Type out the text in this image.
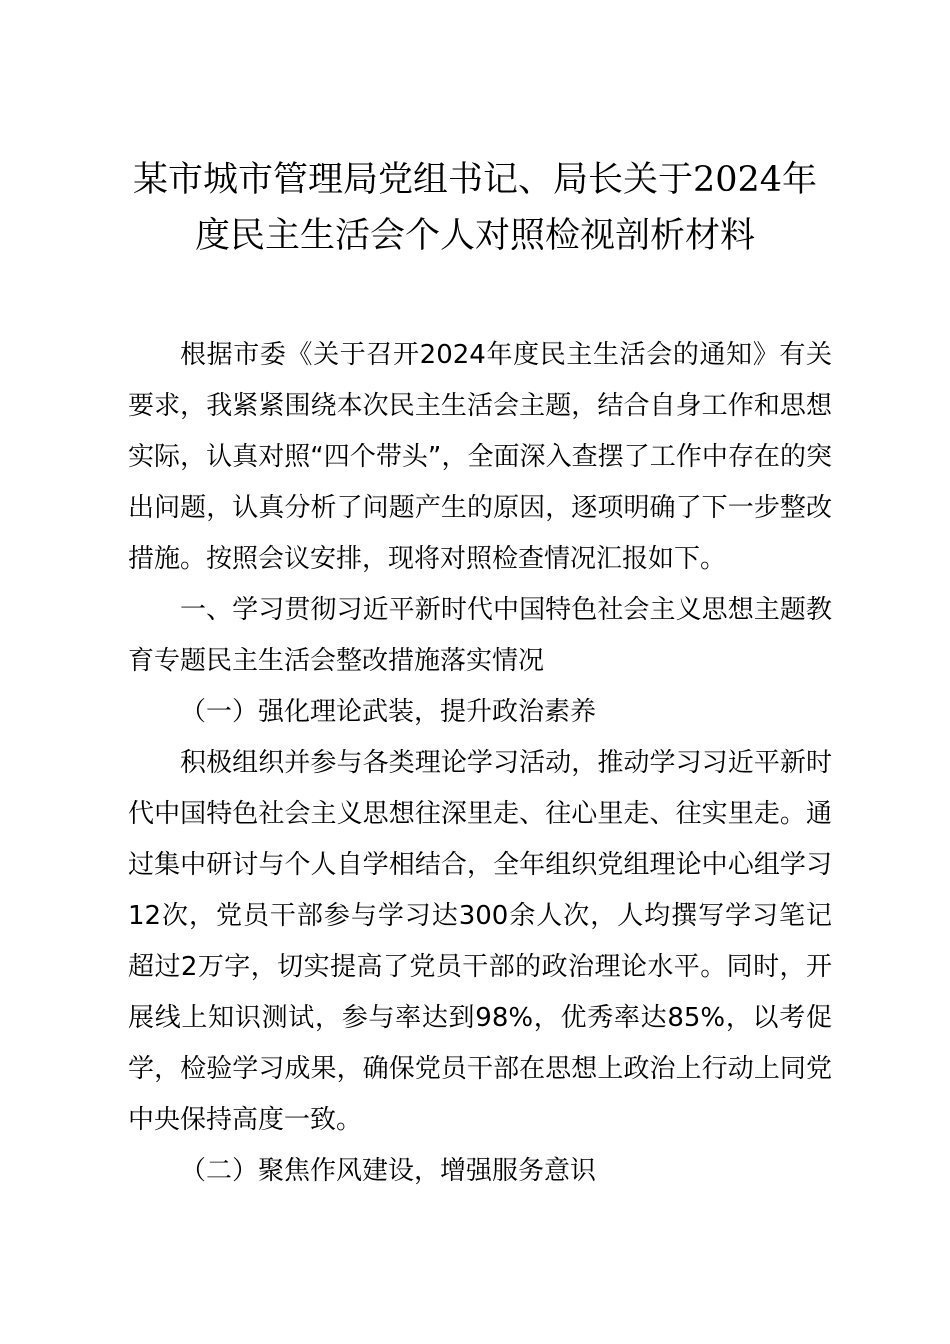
某市城市管理局党组书记、局长关于2024年
度民主生活会个人对照检视剖析材料

根据市委《关于召开2024年度民主生活会的通知》有关要求，我紧紧围绕本次民主生活会主题，结合自身工作和思想实际，认真对照“四个带头”，全面深入查摆了工作中存在的突出问题，认真分析了问题产生的原因，逐项明确了下一步整改措施。按照会议安排，现将对照检查情况汇报如下。

一、学习贯彻习近平新时代中国特色社会主义思想主题教育专题民主生活会整改措施落实情况

（一）强化理论武装，提升政治素养

积极组织并参与各类理论学习活动，推动学习习近平新时代中国特色社会主义思想往深里走、往心里走、往实里走。通过集中研讨与个人自学相结合，全年组织党组理论中心组学习12次，党员干部参与学习达300余人次，人均撰写学习笔记超过2万字，切实提高了党员干部的政治理论水平。同时，开展线上知识测试，参与率达到98%，优秀率达85%，以考促学，检验学习成果，确保党员干部在思想上政治上行动上同党中央保持高度一致。

（二）聚焦作风建设，增强服务意识
